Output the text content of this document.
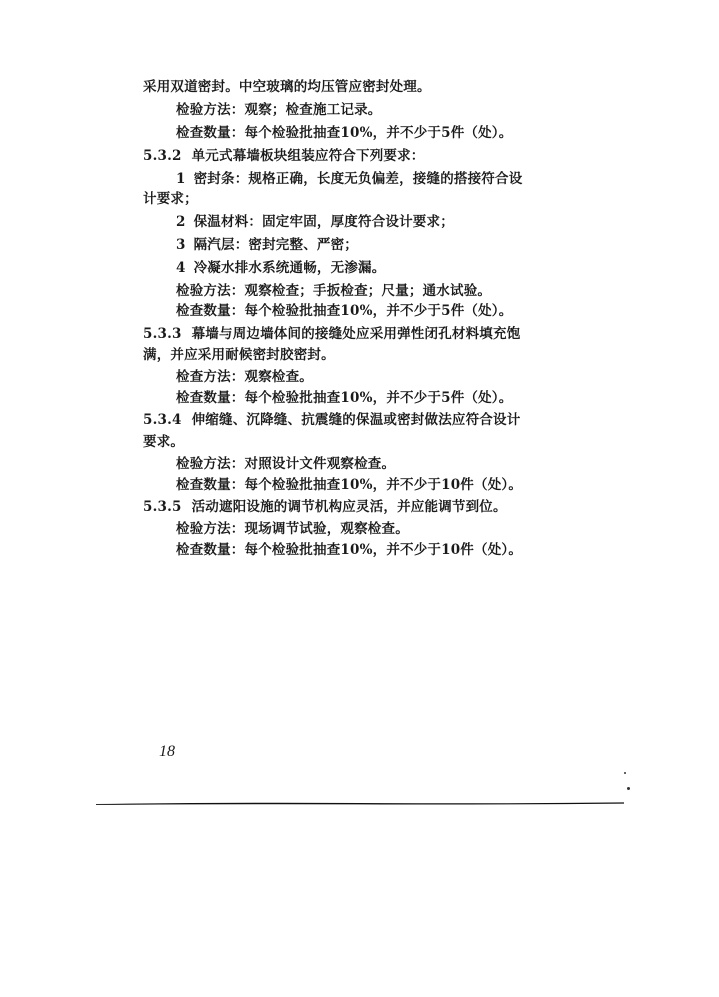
采用双道密封。中空玻璃的均压管应密封处理。
检验方法：观察；检查施工记录。
检查数量：每个检验批抽查10%，并不少于5件（处）。
5.3.2 单元式幕墙板块组装应符合下列要求：
1 密封条：规格正确，长度无负偏差，接缝的搭接符合设
计要求；
2 保温材料：固定牢固，厚度符合设计要求；
3 隔汽层：密封完整、严密；
4 冷凝水排水系统通畅，无渗漏。
检验方法：观察检查；手扳检查；尺量；通水试验。
检查数量：每个检验批抽查10%，并不少于5件（处）。
5.3.3 幕墙与周边墙体间的接缝处应采用弹性闭孔材料填充饱
满，并应采用耐候密封胶密封。
检查方法：观察检查。
检查数量：每个检验批抽查10%，并不少于5件（处）。
5.3.4 伸缩缝、沉降缝、抗震缝的保温或密封做法应符合设计
要求。
检验方法：对照设计文件观察检查。
检查数量：每个检验批抽查10%，并不少于10件（处）。
5.3.5 活动遮阳设施的调节机构应灵活，并应能调节到位。
检验方法：现场调节试验，观察检查。
检查数量：每个检验批抽查10%，并不少于10件（处）。
18
